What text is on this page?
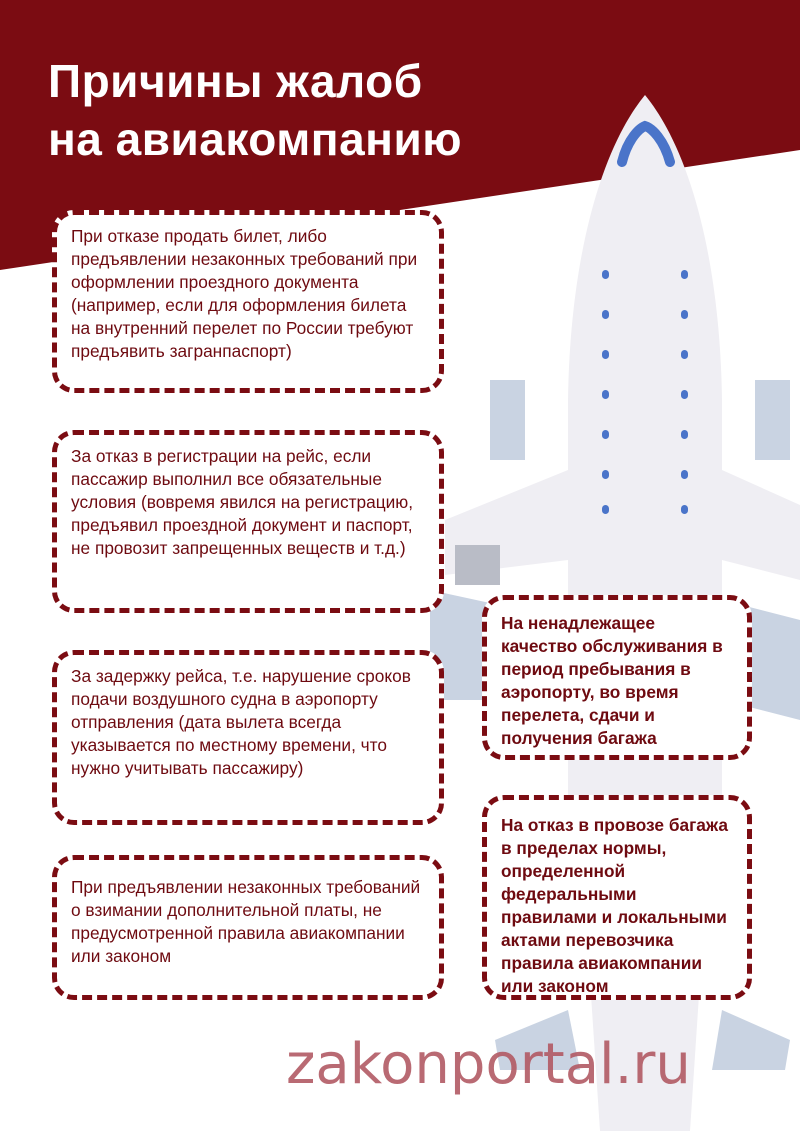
Причины жалоб
на авиакомпанию
При отказе продать билет, либо предъявлении незаконных требований при оформлении проездного документа (например, если для оформления билета на внутренний перелет по России требуют предъявить загранпаспорт)
За отказ в регистрации на рейс, если пассажир выполнил все обязательные условия (вовремя явился на регистрацию, предъявил проездной документ и паспорт, не провозит запрещенных веществ и т.д.)
За задержку рейса, т.е. нарушение сроков подачи воздушного судна в аэропорту отправления (дата вылета всегда указывается по местному времени, что нужно учитывать пассажиру)
При предъявлении незаконных требований о взимании дополнительной платы, не предусмотренной правила авиакомпании или законом
На ненадлежащее качество обслуживания в период пребывания в аэропорту, во время перелета, сдачи и получения багажа
На отказ в провозе багажа в пределах нормы, определенной федеральными правилами и локальными актами перевозчика правила авиакомпании или законом
zakonportal.ru
